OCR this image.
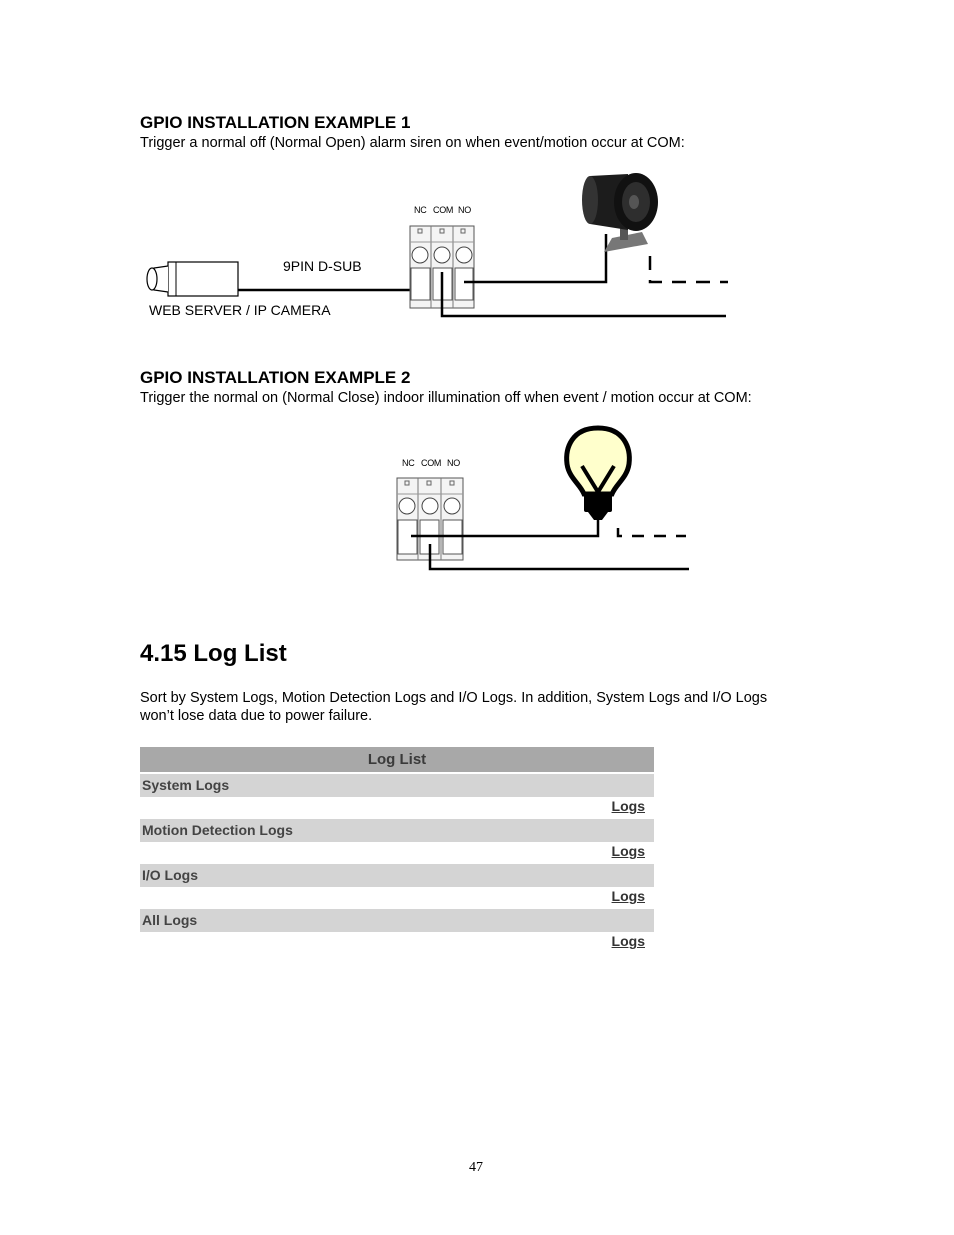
GPIO INSTALLATION EXAMPLE 1
Trigger a normal off (Normal Open) alarm siren on when event/motion occur at COM:
NC COM NO
9PIN D-SUB
WEB SERVER / IP CAMERA
GPIO INSTALLATION EXAMPLE 2
Trigger the normal on (Normal Close) indoor illumination off when event / motion occur at COM:
NC COM NO
4.15 Log List
Sort by System Logs, Motion Detection Logs and I/O Logs. In addition, System Logs and I/O Logs
won’t lose data due to power failure.
Log List
System Logs
Logs
Motion Detection Logs
Logs
I/O Logs
Logs
All Logs
Logs
47
